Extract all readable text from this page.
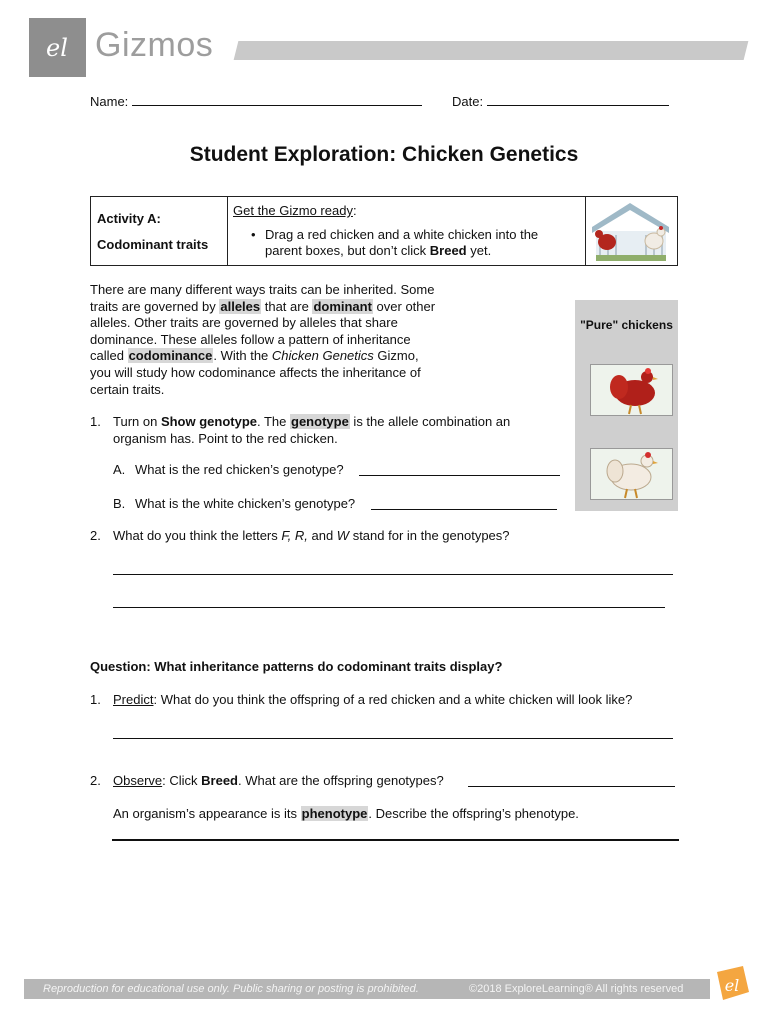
el Gizmos
Name:	Date:
Student Exploration: Chicken Genetics
Activity A:
Codominant traits
Get the Gizmo ready:
• Drag a red chicken and a white chicken into the
parent boxes, but don’t click Breed yet.
There are many different ways traits can be inherited. Some
traits are governed by alleles that are dominant over other
alleles. Other traits are governed by alleles that share
dominance. These alleles follow a pattern of inheritance
called codominance. With the Chicken Genetics Gizmo,
you will study how codominance affects the inheritance of
certain traits.
"Pure" chickens
1. Turn on Show genotype. The genotype is the allele combination an
organism has. Point to the red chicken.
A. What is the red chicken’s genotype?
B. What is the white chicken’s genotype?
2. What do you think the letters F, R, and W stand for in the genotypes?
Question: What inheritance patterns do codominant traits display?
1. Predict: What do you think the offspring of a red chicken and a white chicken will look like?
2. Observe: Click Breed. What are the offspring genotypes?
An organism’s appearance is its phenotype. Describe the offspring’s phenotype.
Reproduction for educational use only. Public sharing or posting is prohibited.	©2018 ExploreLearning® All rights reserved	el
